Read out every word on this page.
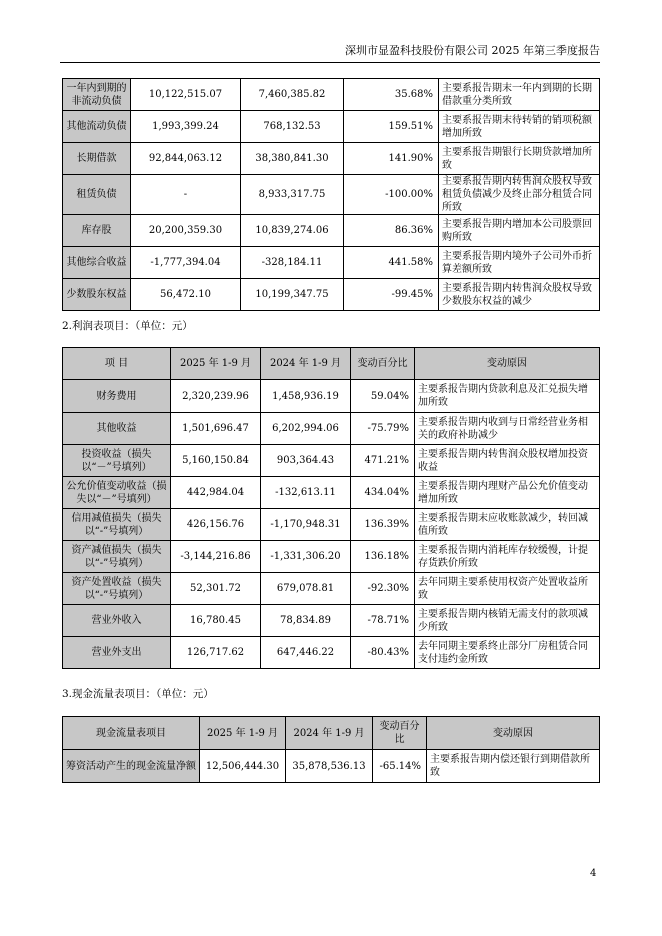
深圳市显盈科技股份有限公司 2025 年第三季度报告
一年内到期的非流动负债	10,122,515.07	7,460,385.82	35.68%	主要系报告期末一年内到期的长期借款重分类所致
其他流动负债	1,993,399.24	768,132.53	159.51%	主要系报告期末待转销的销项税额增加所致
长期借款	92,844,063.12	38,380,841.30	141.90%	主要系报告期银行长期贷款增加所致
租赁负债	-	8,933,317.75	-100.00%	主要系报告期内转售润众股权导致租赁负债减少及终止部分租赁合同所致
库存股	20,200,359.30	10,839,274.06	86.36%	主要系报告期内增加本公司股票回购所致
其他综合收益	-1,777,394.04	-328,184.11	441.58%	主要系报告期内境外子公司外币折算差额所致
少数股东权益	56,472.10	10,199,347.75	-99.45%	主要系报告期内转售润众股权导致少数股东权益的减少
2.利润表项目：（单位：元）
项 目	2025 年 1-9 月	2024 年 1-9 月	变动百分比	变动原因
财务费用	2,320,239.96	1,458,936.19	59.04%	主要系报告期内贷款利息及汇兑损失增加所致
其他收益	1,501,696.47	6,202,994.06	-75.79%	主要系报告期内收到与日常经营业务相关的政府补助减少
投资收益（损失以“－”号填列）	5,160,150.84	903,364.43	471.21%	主要系报告期内转售润众股权增加投资收益
公允价值变动收益（损失以“－”号填列）	442,984.04	-132,613.11	434.04%	主要系报告期内理财产品公允价值变动增加所致
信用减值损失（损失以“-”号填列）	426,156.76	-1,170,948.31	136.39%	主要系报告期末应收账款减少，转回减值所致
资产减值损失（损失以“-”号填列）	-3,144,216.86	-1,331,306.20	136.18%	主要系报告期内消耗库存较缓慢，计提存货跌价所致
资产处置收益（损失以“-”号填列）	52,301.72	679,078.81	-92.30%	去年同期主要系使用权资产处置收益所致
营业外收入	16,780.45	78,834.89	-78.71%	主要系报告期内核销无需支付的款项减少所致
营业外支出	126,717.62	647,446.22	-80.43%	去年同期主要系终止部分厂房租赁合同支付违约金所致
3.现金流量表项目：（单位：元）
现金流量表项目	2025 年 1-9 月	2024 年 1-9 月	变动百分比	变动原因
筹资活动产生的现金流量净额	12,506,444.30	35,878,536.13	-65.14%	主要系报告期内偿还银行到期借款所致
4
